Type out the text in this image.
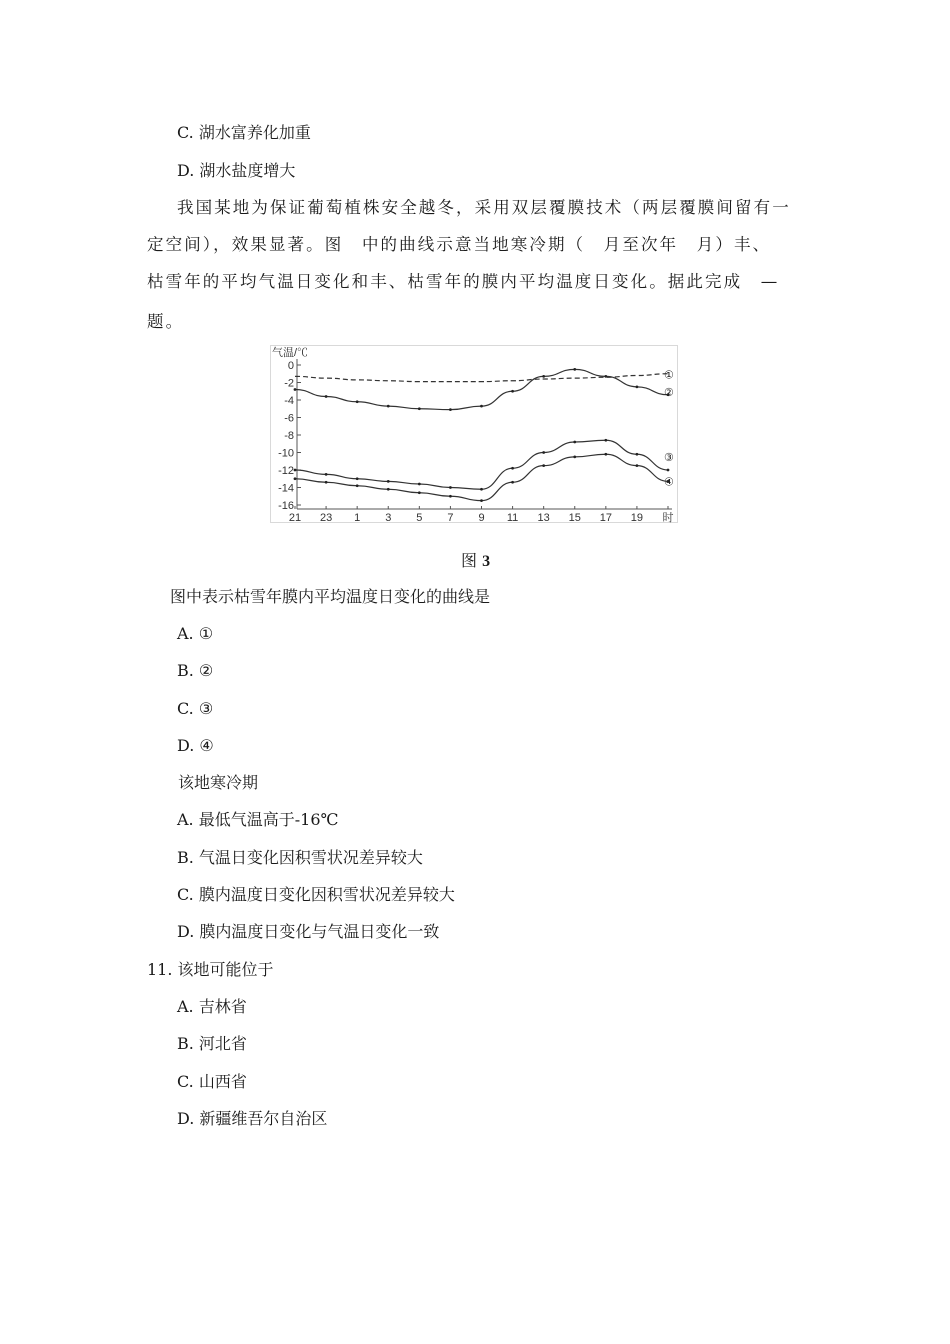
C. 湖水富养化加重
D. 湖水盐度增大
我国某地为保证葡萄植株安全越冬，采用双层覆膜技术（两层覆膜间留有一
定空间），效果显著。图　中的曲线示意当地寒冷期（　月至次年　月）丰、
枯雪年的平均气温日变化和丰、枯雪年的膜内平均温度日变化。据此完成　—
题。
气温/℃
0
-2
-4
-6
-8
-10
-12
-14
-16
21 23 1 3 5 7 9 11 13 15 17 19 时
①
②
③
④
图 3
图中表示枯雪年膜内平均温度日变化的曲线是
A. ①
B. ②
C. ③
D. ④
该地寒冷期
A. 最低气温高于-16℃
B. 气温日变化因积雪状况差异较大
C. 膜内温度日变化因积雪状况差异较大
D. 膜内温度日变化与气温日变化一致
11. 该地可能位于
A. 吉林省
B. 河北省
C. 山西省
D. 新疆维吾尔自治区
